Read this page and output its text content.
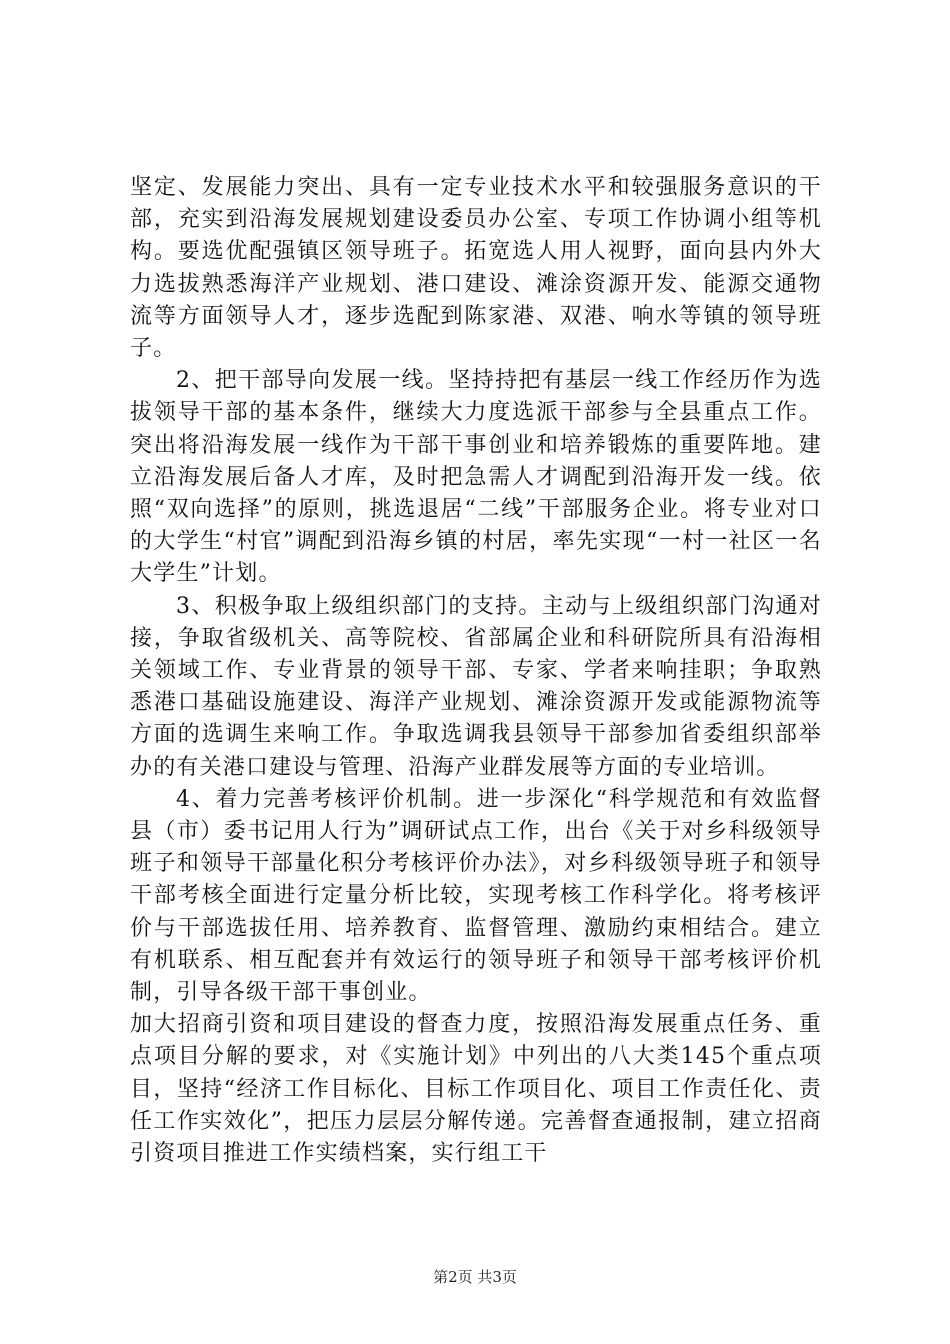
坚定、发展能力突出、具有一定专业技术水平和较强服务意识的干部，充实到沿海发展规划建设委员办公室、专项工作协调小组等机构。要选优配强镇区领导班子。拓宽选人用人视野，面向县内外大力选拔熟悉海洋产业规划、港口建设、滩涂资源开发、能源交通物流等方面领导人才，逐步选配到陈家港、双港、响水等镇的领导班子。

2、把干部导向发展一线。坚持持把有基层一线工作经历作为选拔领导干部的基本条件，继续大力度选派干部参与全县重点工作。突出将沿海发展一线作为干部干事创业和培养锻炼的重要阵地。建立沿海发展后备人才库，及时把急需人才调配到沿海开发一线。依照“双向选择”的原则，挑选退居“二线”干部服务企业。将专业对口的大学生“村官”调配到沿海乡镇的村居，率先实现“一村一社区一名大学生”计划。

3、积极争取上级组织部门的支持。主动与上级组织部门沟通对接，争取省级机关、高等院校、省部属企业和科研院所具有沿海相关领域工作、专业背景的领导干部、专家、学者来响挂职；争取熟悉港口基础设施建设、海洋产业规划、滩涂资源开发或能源物流等方面的选调生来响工作。争取选调我县领导干部参加省委组织部举办的有关港口建设与管理、沿海产业群发展等方面的专业培训。

4、着力完善考核评价机制。进一步深化“科学规范和有效监督县（市）委书记用人行为”调研试点工作，出台《关于对乡科级领导班子和领导干部量化积分考核评价办法》，对乡科级领导班子和领导干部考核全面进行定量分析比较，实现考核工作科学化。将考核评价与干部选拔任用、培养教育、监督管理、激励约束相结合。建立有机联系、相互配套并有效运行的领导班子和领导干部考核评价机制，引导各级干部干事创业。

加大招商引资和项目建设的督查力度，按照沿海发展重点任务、重点项目分解的要求，对《实施计划》中列出的八大类145个重点项目，坚持“经济工作目标化、目标工作项目化、项目工作责任化、责任工作实效化”，把压力层层分解传递。完善督查通报制，建立招商引资项目推进工作实绩档案，实行组工干

第2页 共3页
